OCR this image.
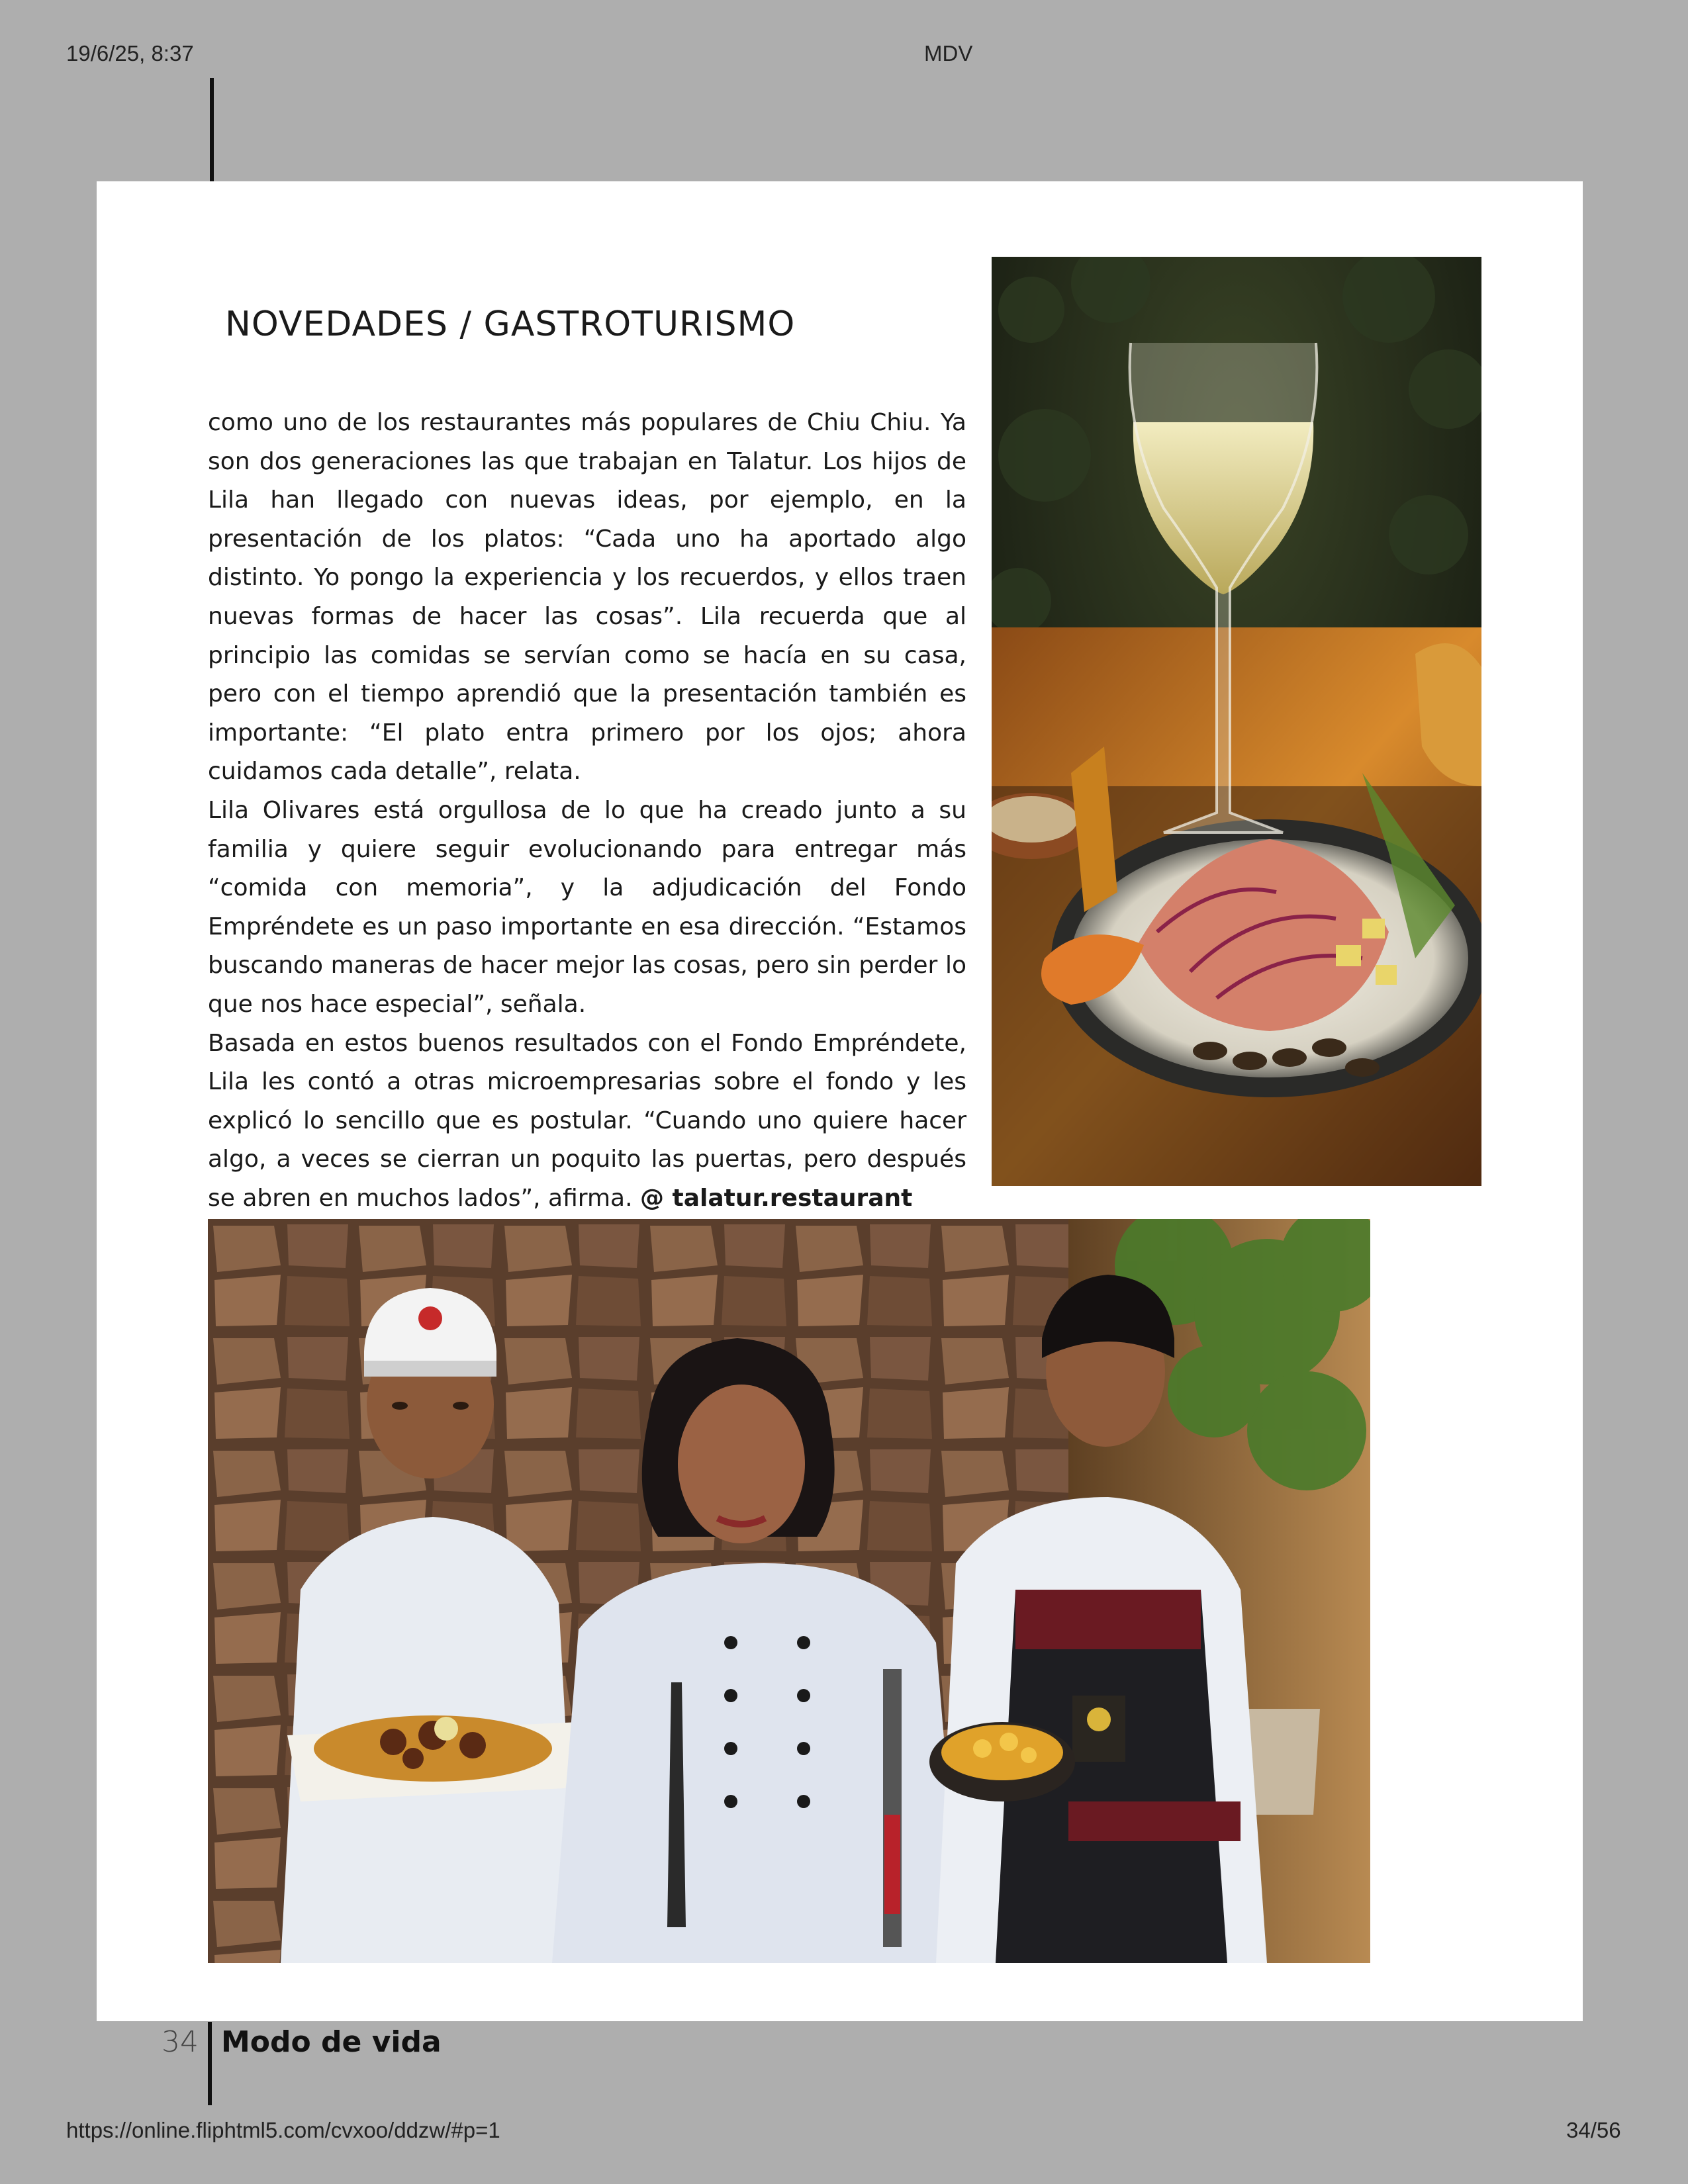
19/6/25, 8:37	MDV
NOVEDADES / GASTROTURISMO

como uno de los restaurantes más populares de Chiu Chiu. Ya son dos generaciones las que trabajan en Talatur. Los hijos de Lila han llegado con nuevas ideas, por ejemplo, en la presentación de los platos: “Cada uno ha aportado algo distinto. Yo pongo la experiencia y los recuerdos, y ellos traen nuevas formas de hacer las cosas”. Lila recuerda que al principio las comidas se servían como se hacía en su casa, pero con el tiempo aprendió que la presentación también es importante: “El plato entra primero por los ojos; ahora cuidamos cada detalle”, relata.

Lila Olivares está orgullosa de lo que ha creado junto a su familia y quiere seguir evolucionando para entregar más “comida con memoria”, y la adjudicación del Fondo Empréndete es un paso importante en esa dirección. “Estamos buscando maneras de hacer mejor las cosas, pero sin perder lo que nos hace especial”, señala.

Basada en estos buenos resultados con el Fondo Empréndete, Lila les contó a otras microempresarias sobre el fondo y les explicó lo sencillo que es postular. “Cuando uno quiere hacer algo, a veces se cierran un poquito las puertas, pero después se abren en muchos lados”, afirma. @ talatur.restaurant

34 Modo de vida
https://online.fliphtml5.com/cvxoo/ddzw/#p=1	34/56
